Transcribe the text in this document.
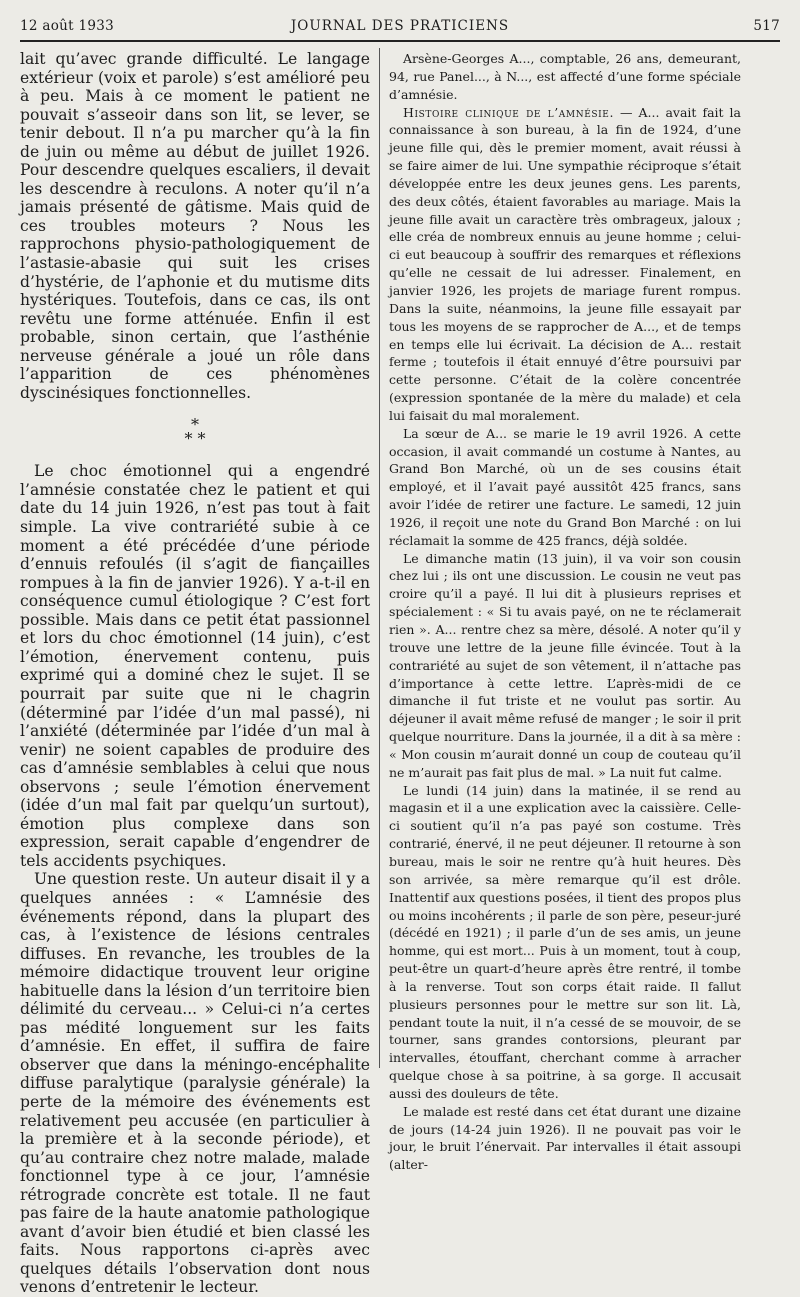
12 août 1933	JOURNAL DES PRATICIENS	517

lait qu’avec grande difficulté. Le langage extérieur (voix et parole) s’est amélioré peu à peu. Mais à ce moment le patient ne pouvait s’asseoir dans son lit, se lever, se tenir debout. Il n’a pu marcher qu’à la fin de juin ou même au début de juillet 1926. Pour descendre quelques escaliers, il devait les descendre à reculons. A noter qu’il n’a jamais présenté de gâtisme. Mais quid de ces troubles moteurs ? Nous les rapprochons physio-pathologiquement de l’astasie-abasie qui suit les crises d’hystérie, de l’aphonie et du mutisme dits hystériques. Toutefois, dans ce cas, ils ont revêtu une forme atténuée. Enfin il est probable, sinon certain, que l’asthénie nerveuse générale a joué un rôle dans l’apparition de ces phénomènes dyscinésiques fonctionnelles.

*
* *

Le choc émotionnel qui a engendré l’amnésie constatée chez le patient et qui date du 14 juin 1926, n’est pas tout à fait simple. La vive contrariété subie à ce moment a été précédée d’une période d’ennuis refoulés (il s’agit de fiançailles rompues à la fin de janvier 1926). Y a-t-il en conséquence cumul étiologique ? C’est fort possible. Mais dans ce petit état passionnel et lors du choc émotionnel (14 juin), c’est l’émotion, énervement contenu, puis exprimé qui a dominé chez le sujet. Il se pourrait par suite que ni le chagrin (déterminé par l’idée d’un mal passé), ni l’anxiété (déterminée par l’idée d’un mal à venir) ne soient capables de produire des cas d’amnésie semblables à celui que nous observons ; seule l’émotion énervement (idée d’un mal fait par quelqu’un surtout), émotion plus complexe dans son expression, serait capable d’engendrer de tels accidents psychiques.

Une question reste. Un auteur disait il y a quelques années : « L’amnésie des événements répond, dans la plupart des cas, à l’existence de lésions centrales diffuses. En revanche, les troubles de la mémoire didactique trouvent leur origine habituelle dans la lésion d’un territoire bien délimité du cerveau... » Celui-ci n’a certes pas médité longuement sur les faits d’amnésie. En effet, il suffira de faire observer que dans la méningo-encéphalite diffuse paralytique (paralysie générale) la perte de la mémoire des événements est relativement peu accusée (en particulier à la première et à la seconde période), et qu’au contraire chez notre malade, malade fonctionnel type à ce jour, l’amnésie rétrograde concrète est totale. Il ne faut pas faire de la haute anatomie pathologique avant d’avoir bien étudié et bien classé les faits. Nous rapportons ci-après avec quelques détails l’observation dont nous venons d’entretenir le lecteur.

Arsène-Georges A..., comptable, 26 ans, demeurant, 94, rue Panel..., à N..., est affecté d’une forme spéciale d’amnésie.

Histoire clinique de l’amnésie. — A... avait fait la connaissance à son bureau, à la fin de 1924, d’une jeune fille qui, dès le premier moment, avait réussi à se faire aimer de lui. Une sympathie réciproque s’était développée entre les deux jeunes gens. Les parents, des deux côtés, étaient favorables au mariage. Mais la jeune fille avait un caractère très ombrageux, jaloux ; elle créa de nombreux ennuis au jeune homme ; celui-ci eut beaucoup à souffrir des remarques et réflexions qu’elle ne cessait de lui adresser. Finalement, en janvier 1926, les projets de mariage furent rompus. Dans la suite, néanmoins, la jeune fille essayait par tous les moyens de se rapprocher de A..., et de temps en temps elle lui écrivait. La décision de A... restait ferme ; toutefois il était ennuyé d’être poursuivi par cette personne. C’était de la colère concentrée (expression spontanée de la mère du malade) et cela lui faisait du mal moralement.

La sœur de A... se marie le 19 avril 1926. A cette occasion, il avait commandé un costume à Nantes, au Grand Bon Marché, où un de ses cousins était employé, et il l’avait payé aussitôt 425 francs, sans avoir l’idée de retirer une facture. Le samedi, 12 juin 1926, il reçoit une note du Grand Bon Marché : on lui réclamait la somme de 425 francs, déjà soldée.

Le dimanche matin (13 juin), il va voir son cousin chez lui ; ils ont une discussion. Le cousin ne veut pas croire qu’il a payé. Il lui dit à plusieurs reprises et spécialement : « Si tu avais payé, on ne te réclamerait rien ». A... rentre chez sa mère, désolé. A noter qu’il y trouve une lettre de la jeune fille évincée. Tout à la contrariété au sujet de son vêtement, il n’attache pas d’importance à cette lettre. L’après-midi de ce dimanche il fut triste et ne voulut pas sortir. Au déjeuner il avait même refusé de manger ; le soir il prit quelque nourriture. Dans la journée, il a dit à sa mère : « Mon cousin m’aurait donné un coup de couteau qu’il ne m’aurait pas fait plus de mal. » La nuit fut calme.

Le lundi (14 juin) dans la matinée, il se rend au magasin et il a une explication avec la caissière. Celle-ci soutient qu’il n’a pas payé son costume. Très contrarié, énervé, il ne peut déjeuner. Il retourne à son bureau, mais le soir ne rentre qu’à huit heures. Dès son arrivée, sa mère remarque qu’il est drôle. Inattentif aux questions posées, il tient des propos plus ou moins incohérents ; il parle de son père, peseur-juré (décédé en 1921) ; il parle d’un de ses amis, un jeune homme, qui est mort... Puis à un moment, tout à coup, peut-être un quart-d’heure après être rentré, il tombe à la renverse. Tout son corps était raide. Il fallut plusieurs personnes pour le mettre sur son lit. Là, pendant toute la nuit, il n’a cessé de se mouvoir, de se tourner, sans grandes contorsions, pleurant par intervalles, étouffant, cherchant comme à arracher quelque chose à sa poitrine, à sa gorge. Il accusait aussi des douleurs de tête.

Le malade est resté dans cet état durant une dizaine de jours (14-24 juin 1926). Il ne pouvait pas voir le jour, le bruit l’énervait. Par intervalles il était assoupi (alter-
